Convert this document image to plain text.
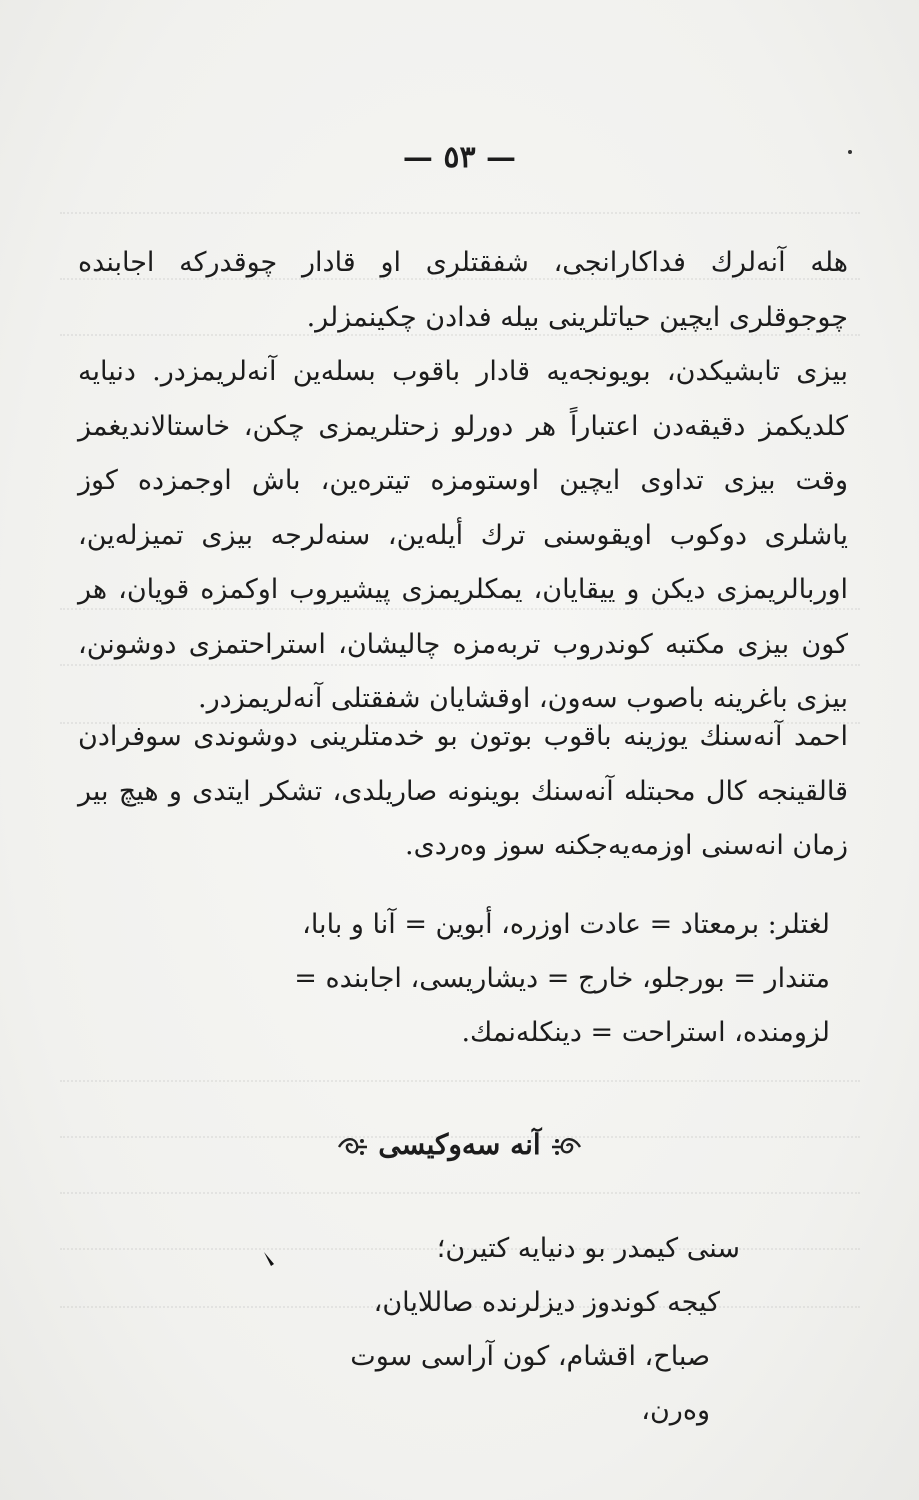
— ٥٣ —

هله آنه‌لرك فداكارانجی، شفقتلری او قادار چوقدرکه اجابنده چوجوقلری ایچین حیاتلرینی بیله فدادن چکینمزلر.

بیزی تابشیکدن، بویونجه‌یه قادار باقوب بسله‌ین آنه‌لریمزدر. دنیایه کلدیکمز دقیقه‌دن اعتباراً هر دورلو زحتلریمزی چکن، خاستالاندیغمز وقت بیزی تداوی ایچین اوستومزه تیتره‌ین، باش اوجمزده کوز یاشلری دوکوب اویقوسنی ترك أیله‌ین، سنه‌لرجه بیزی تمیزله‌ین، اوربالریمزی دیکن و ییقایان، یمکلریمزی پیشیروب اوکمزه قویان، هر کون بیزی مکتبه کوندروب تربه‌مزه چالیشان، استراحتمزی دوشونن، بیزی باغرینه باصوب سه‌ون، اوقشایان شفقتلی آنه‌لریمزدر.

احمد آنه‌سنك یوزینه باقوب بوتون بو خدمتلرینی دوشوندی سوفرادن قالقینجه کال محبتله آنه‌سنك بوینونه صاریلدی، تشکر ایتدی و هیچ بیر زمان انه‌سنی اوزمه‌یه‌جکنه سوز وه‌ردی.

لغتلر: برمعتاد = عادت اوزره، أبوین = آنا و بابا،

متندار = بورجلو، خارج = دیشاریسی، اجابنده =

لزومنده، استراحت = دینکله‌نمك.

آنه سه‌وکیسی

سنی کیمدر بو دنیایه کتیرن؛

کیجه کوندوز دیزلرنده صاللایان،

صباح، اقشام، کون آرا‌سی سوت وه‌رن،
